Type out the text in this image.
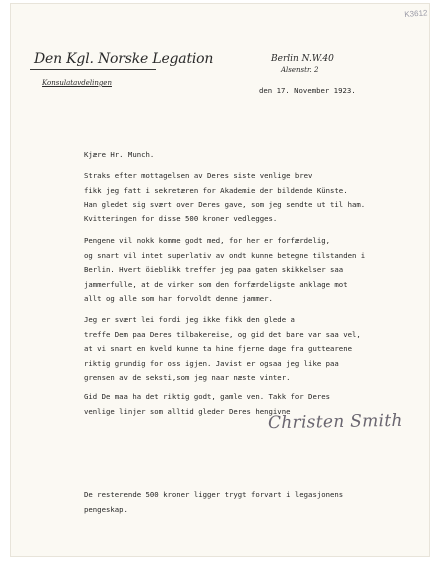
K3612
Den Kgl. Norske Legation
Konsulatavdelingen
Berlin N.W.40
Alsenstr. 2
den 17. November 1923.
Kjære Hr. Munch.
Straks efter mottagelsen av Deres siste venlige brev
fikk jeg fatt i sekretæren for Akademie der bildende Künste.
Han gledet sig svært over Deres gave, som jeg sendte ut til ham.
Kvitteringen for disse 500 kroner vedlegges.
Pengene vil nokk komme godt med, for her er forfærdelig,
og snart vil intet superlativ av ondt kunne betegne tilstanden i
Berlin. Hvert öieblikk treffer jeg paa gaten skikkelser saa
jammerfulle, at de virker som den forfærdeligste anklage mot
allt og alle som har forvoldt denne jammer.
Jeg er svært lei fordi jeg ikke fikk den glede a
treffe Dem paa Deres tilbakereise, og gid det bare var saa vel,
at vi snart en kveld kunne ta hine fjerne dage fra guttearene
riktig grundig for oss igjen. Javist er ogsaa jeg like paa
grensen av de seksti,som jeg naar næste vinter.
Gid De maa ha det riktig godt, gamle ven. Takk for Deres
venlige linjer som alltid gleder Deres hengivne
Christen Smith
De resterende 500 kroner ligger trygt forvart i legasjonens
pengeskap.
